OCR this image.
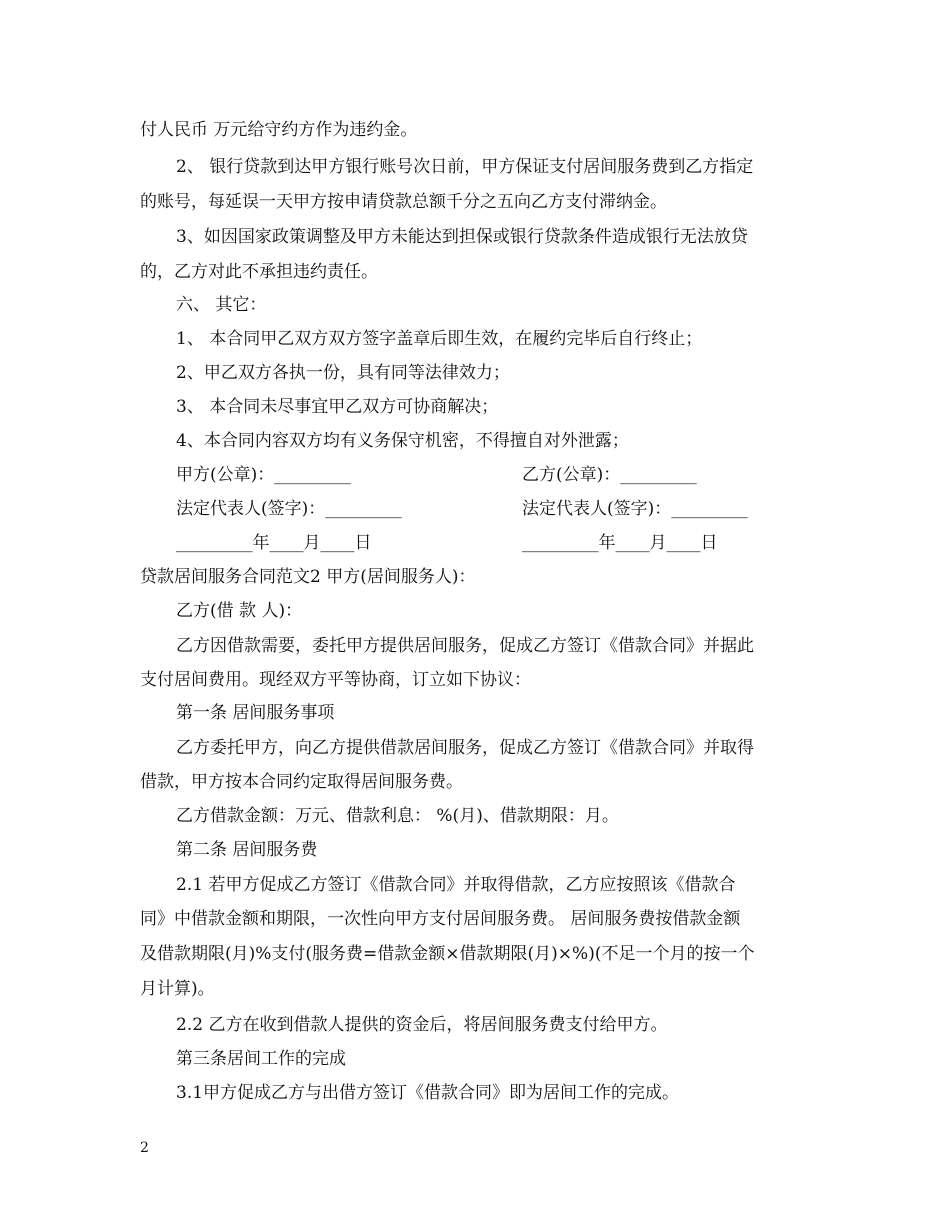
付人民币 万元给守约方作为违约金。
2、 银行贷款到达甲方银行账号次日前，甲方保证支付居间服务费到乙方指定
的账号，每延误一天甲方按申请贷款总额千分之五向乙方支付滞纳金。
3、如因国家政策调整及甲方未能达到担保或银行贷款条件造成银行无法放贷
的，乙方对此不承担违约责任。
六、 其它：
1、 本合同甲乙双方双方签字盖章后即生效，在履约完毕后自行终止；
2、甲乙双方各执一份，具有同等法律效力；
3、 本合同未尽事宜甲乙双方可协商解决；
4、本合同内容双方均有义务保守机密，不得擅自对外泄露；
甲方(公章)：_________	乙方(公章)：_________
法定代表人(签字)：_________	法定代表人(签字)：_________
_________年____月____日	_________年____月____日
贷款居间服务合同范文2 甲方(居间服务人)：
乙方(借 款 人)：
乙方因借款需要，委托甲方提供居间服务，促成乙方签订《借款合同》并据此
支付居间费用。现经双方平等协商，订立如下协议：
第一条 居间服务事项
乙方委托甲方，向乙方提供借款居间服务，促成乙方签订《借款合同》并取得
借款，甲方按本合同约定取得居间服务费。
乙方借款金额：万元、借款利息： %(月)、借款期限：月。
第二条 居间服务费
2.1 若甲方促成乙方签订《借款合同》并取得借款，乙方应按照该《借款合
同》中借款金额和期限，一次性向甲方支付居间服务费。 居间服务费按借款金额
及借款期限(月)%支付(服务费=借款金额×借款期限(月)×%)(不足一个月的按一个
月计算)。
2.2 乙方在收到借款人提供的资金后，将居间服务费支付给甲方。
第三条居间工作的完成
3.1甲方促成乙方与出借方签订《借款合同》即为居间工作的完成。
2
